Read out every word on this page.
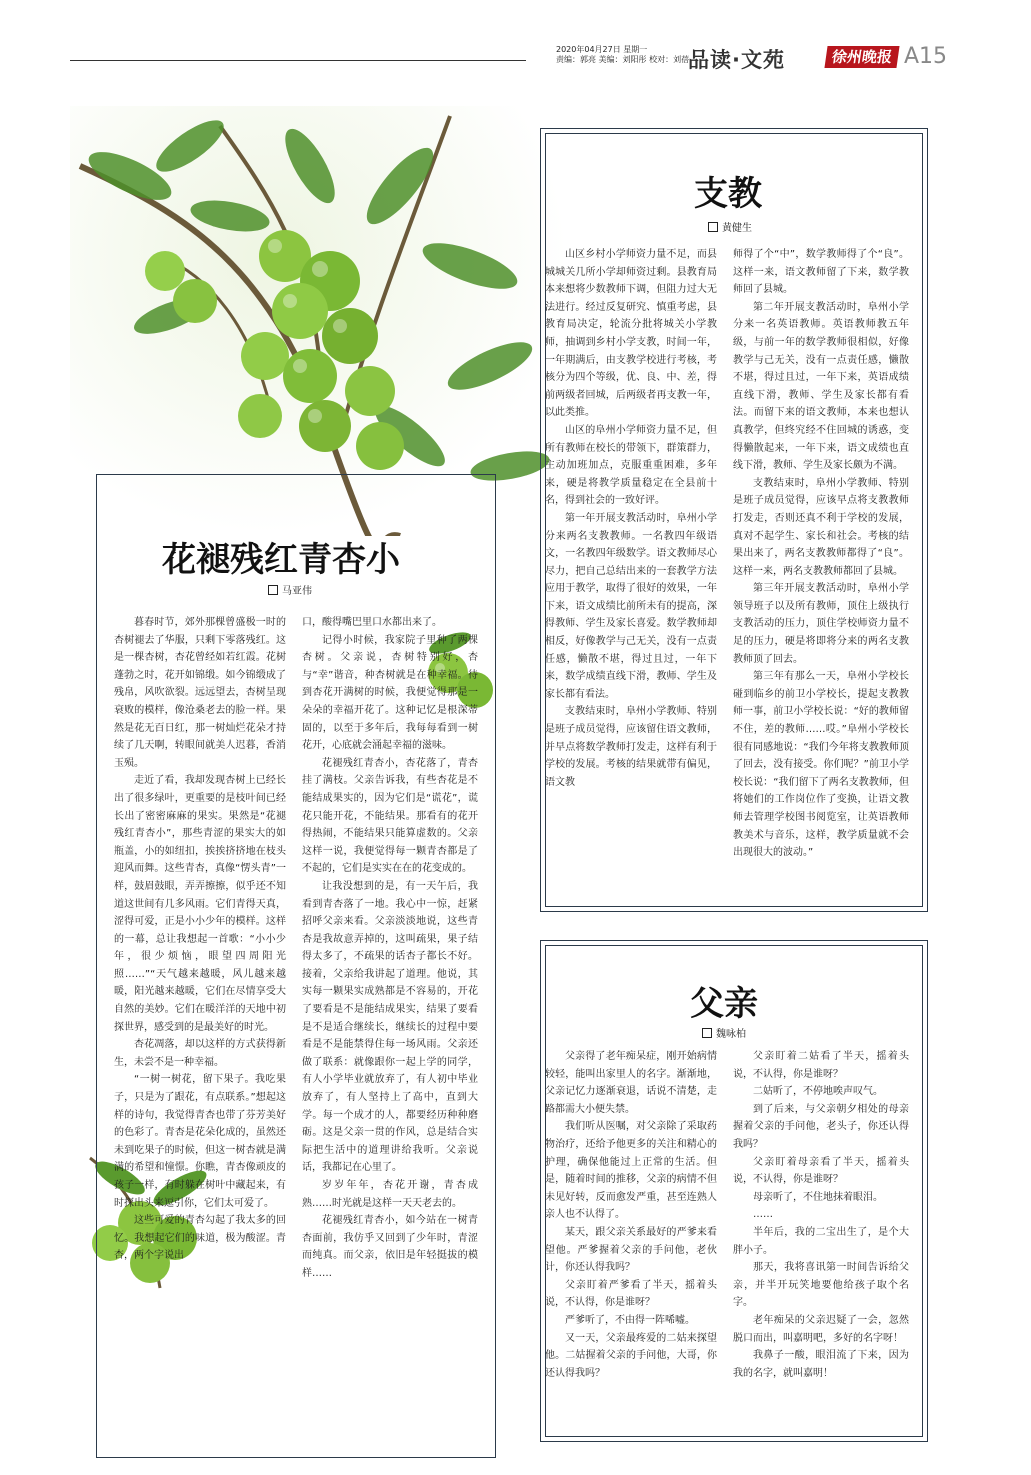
2020年04月27日 星期一
责编：郭亮 美编：刘阳彤 校对：刘蓓
品读·文苑	徐州晚报 A15
花褪残红青杏小
马亚伟

暮春时节，郊外那棵曾盛极一时的杏树褪去了华服，只剩下零落残红。这是一棵杏树，杏花曾经如若红霞。花树蓬勃之时，花开如锦缎。如今锦缎成了残帛，风吹欲裂。远远望去，杏树呈现衰败的模样，像沧桑老去的脸一样。果然是花无百日红，那一树灿烂花朵才持续了几天啊，转眼间就美人迟暮，香消玉殒。

走近了看，我却发现杏树上已经长出了很多绿叶，更重要的是枝叶间已经长出了密密麻麻的果实。果然是“花褪残红青杏小”，那些青涩的果实大的如瓶盖，小的如纽扣，挨挨挤挤地在枝头迎风而舞。这些青杏，真像“愣头青”一样，鼓眉鼓眼，弄弄擦擦，似乎还不知道这世间有几多风雨。它们青得天真，涩得可爱，正是小小少年的模样。这样的一幕，总让我想起一首歌：“小小少年，很少烦恼，眼望四周阳光照……”“天气越来越暖，风儿越来越暖，阳光越来越暖，它们在尽情享受大自然的美妙。它们在暖洋洋的天地中初探世界，感受到的是最美好的时光。

杏花凋落，却以这样的方式获得新生，未尝不是一种幸福。

“一树一树花，留下果子。我吃果子，只是为了跟花，有点联系。”想起这样的诗句，我觉得青杏也带了芬芳美好的色彩了。青杏是花朵化成的，虽然还未到吃果子的时候，但这一树杏就是满满的希望和憧憬。你瞧，青杏像顽皮的孩子一样，有时躲在树叶中藏起来，有时探出头来逗引你，它们太可爱了。

这些可爱的青杏勾起了我太多的回忆。我想起它们的味道，极为酸涩。青杏，两个字说出

口，酸得嘴巴里口水都出来了。

记得小时候，我家院子里种了两棵杏树。父亲说，杏树特别好，杏与“幸”谐音，种杏树就是在种幸福。待到杏花开满树的时候，我便觉得那是一朵朵的幸福开花了。这种记忆是根深蒂固的，以至于多年后，我每每看到一树花开，心底就会涌起幸福的滋味。

花褪残红青杏小，杏花落了，青杏挂了满枝。父亲告诉我，有些杏花是不能结成果实的，因为它们是“谎花”，谎花只能开花，不能结果。那看有的花开得热闹，不能结果只能算虚数的。父亲这样一说，我便觉得每一颗青杏都是了不起的，它们是实实在在的花变成的。

让我没想到的是，有一天午后，我看到青杏落了一地。我心中一惊，赶紧招呼父亲来看。父亲淡淡地说，这些青杏是我故意弄掉的，这叫疏果，果子结得太多了，不疏果的话杏子都长不好。接着，父亲给我讲起了道理。他说，其实每一颗果实成熟都是不容易的，开花了要看是不是能结成果实，结果了要看是不是适合继续长，继续长的过程中要看是不是能禁得住每一场风雨。父亲还做了联系：就像跟你一起上学的同学，有人小学毕业就放弃了，有人初中毕业放弃了，有人坚持上了高中，直到大学。每一个成才的人，都要经历种种磨砺。这是父亲一贯的作风，总是结合实际把生活中的道理讲给我听。父亲说话，我都记在心里了。

岁岁年年，杏花开谢，青杏成熟……时光就是这样一天天老去的。

花褪残红青杏小，如今站在一树青杏面前，我仿乎又回到了少年时，青涩而纯真。而父亲，依旧是年轻挺拔的模样……

支教
黄健生

山区乡村小学师资力量不足，而县城城关几所小学却师资过剩。县教育局本来想将少数教师下调，但阻力过大无法进行。经过反复研究、慎重考虑，县教育局决定，轮流分批将城关小学教师，抽调到乡村小学支教，时间一年，一年期满后，由支教学校进行考核，考核分为四个等级，优、良、中、差，得前两级者回城，后两级者再支教一年，以此类推。

山区的阜州小学师资力量不足，但所有教师在校长的带领下，群策群力，主动加班加点，克服重重困难，多年来，硬是将教学质量稳定在全县前十名，得到社会的一致好评。

第一年开展支教活动时，阜州小学分来两名支教教师。一名教四年级语文，一名教四年级数学。语文教师尽心尽力，把自己总结出来的一套教学方法应用于教学，取得了很好的效果，一年下来，语文成绩比前所未有的提高，深得教师、学生及家长喜爱。数学教师却相反，好像教学与己无关，没有一点责任感，懒散不堪，得过且过，一年下来，数学成绩直线下滑，教师、学生及家长都有看法。

支教结束时，阜州小学教师、特别是班子成员觉得，应该留住语文教师，并早点将数学教师打发走，这样有利于学校的发展。考核的结果就带有偏见，语文教

师得了个“中”，数学教师得了个“良”。这样一来，语文教师留了下来，数学教师回了县城。

第二年开展支教活动时，阜州小学分来一名英语教师。英语教师教五年级，与前一年的数学教师很相似，好像教学与己无关，没有一点责任感，懒散不堪，得过且过，一年下来，英语成绩直线下滑，教师、学生及家长都有看法。而留下来的语文教师，本来也想认真教学，但终究经不住回城的诱惑，变得懒散起来，一年下来，语文成绩也直线下滑，教师、学生及家长颇为不满。

支教结束时，阜州小学教师、特别是班子成员觉得，应该早点将支教教师打发走，否则还真不利于学校的发展，真对不起学生、家长和社会。考核的结果出来了，两名支教教师都得了“良”。这样一来，两名支教教师都回了县城。

第三年开展支教活动时，阜州小学领导班子以及所有教师，顶住上级执行支教活动的压力，顶住学校师资力量不足的压力，硬是将即将分来的两名支教教师顶了回去。

第三年有那么一天，阜州小学校长碰到临乡的前卫小学校长，提起支教教师一事，前卫小学校长说：“好的教师留不住，差的教师……哎。”阜州小学校长很有同感地说：“我们今年将支教教师顶了回去，没有接受。你们呢？”前卫小学校长说：“我们留下了两名支教教师，但将她们的工作岗位作了变换，让语文教师去管理学校图书阅览室，让英语教师教美术与音乐，这样，教学质量就不会出现很大的波动。”

父亲
魏咏柏

父亲得了老年痴呆症，刚开始病情较轻，能叫出家里人的名字。渐渐地，父亲记忆力逐渐衰退，话说不清楚，走路都需大小便失禁。

我们听从医嘱，对父亲除了采取药物治疗，还给予他更多的关注和精心的护理，确保他能过上正常的生活。但是，随着时间的推移，父亲的病情不但未见好转，反而愈发严重，甚至连熟人亲人也不认得了。

某天，跟父亲关系最好的严爹来看望他。严爹握着父亲的手问他，老伙计，你还认得我吗？

父亲盯着严爹看了半天，摇着头说，不认得，你是谁呀？

严爹听了，不由得一阵唏嘘。

又一天，父亲最疼爱的二姑来探望他。二姑握着父亲的手问他，大哥，你还认得我吗？

父亲盯着二姑看了半天，摇着头说，不认得，你是谁呀？

二姑听了，不停地唉声叹气。

到了后来，与父亲朝夕相处的母亲握着父亲的手问他，老头子，你还认得我吗？

父亲盯着母亲看了半天，摇着头说，不认得，你是谁呀？

母亲听了，不住地抹着眼泪。

……

半年后，我的二宝出生了，是个大胖小子。

那天，我将喜讯第一时间告诉给父亲，并半开玩笑地要他给孩子取个名字。

老年痴呆的父亲迟疑了一会，忽然脱口而出，叫嘉明吧，多好的名字呀！

我鼻子一酸，眼泪流了下来，因为我的名字，就叫嘉明！
